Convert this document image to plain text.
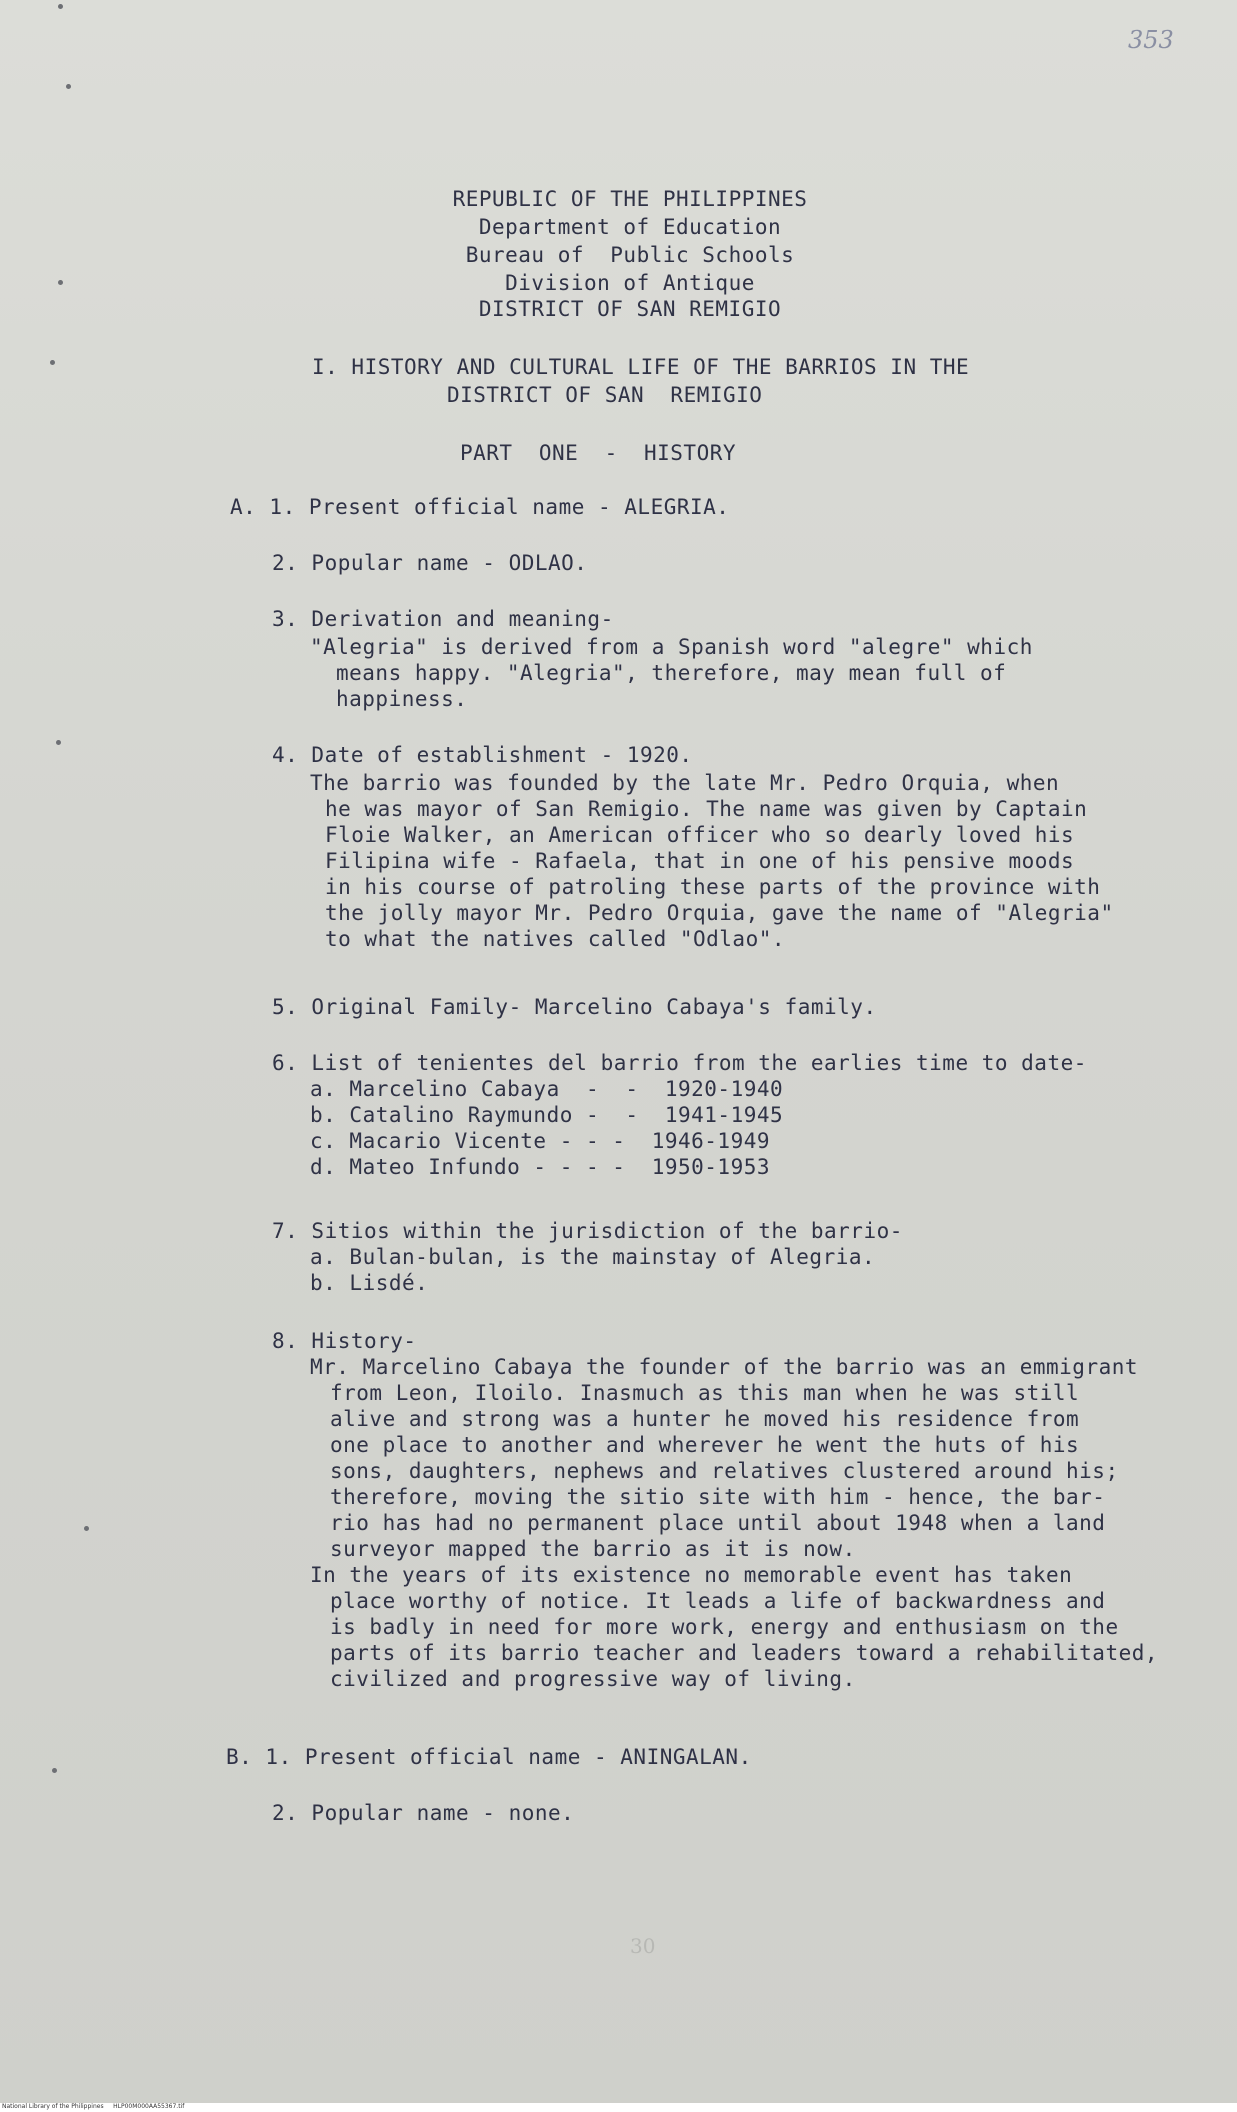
353
REPUBLIC OF THE PHILIPPINES
Department of Education
Bureau of  Public Schools
Division of Antique
DISTRICT OF SAN REMIGIO
I. HISTORY AND CULTURAL LIFE OF THE BARRIOS IN THE
DISTRICT OF SAN  REMIGIO
PART  ONE  -  HISTORY
A. 1. Present official name - ALEGRIA.
2. Popular name - ODLAO.
3. Derivation and meaning-
"Alegria" is derived from a Spanish word "alegre" which
means happy. "Alegria", therefore, may mean full of
happiness.
4. Date of establishment - 1920.
The barrio was founded by the late Mr. Pedro Orquia, when
he was mayor of San Remigio. The name was given by Captain
Floie Walker, an American officer who so dearly loved his
Filipina wife - Rafaela, that in one of his pensive moods
in his course of patroling these parts of the province with
the jolly mayor Mr. Pedro Orquia, gave the name of "Alegria"
to what the natives called "Odlao".
5. Original Family- Marcelino Cabaya's family.
6. List of tenientes del barrio from the earlies time to date-
a. Marcelino Cabaya  -  -  1920-1940
b. Catalino Raymundo -  -  1941-1945
c. Macario Vicente - - -  1946-1949
d. Mateo Infundo - - - -  1950-1953
7. Sitios within the jurisdiction of the barrio-
a. Bulan-bulan, is the mainstay of Alegria.
b. Lisdé.
8. History-
Mr. Marcelino Cabaya the founder of the barrio was an emmigrant
from Leon, Iloilo. Inasmuch as this man when he was still
alive and strong was a hunter he moved his residence from
one place to another and wherever he went the huts of his
sons, daughters, nephews and relatives clustered around his;
therefore, moving the sitio site with him - hence, the bar-
rio has had no permanent place until about 1948 when a land
surveyor mapped the barrio as it is now.
In the years of its existence no memorable event has taken
place worthy of notice. It leads a life of backwardness and
is badly in need for more work, energy and enthusiasm on the
parts of its barrio teacher and leaders toward a rehabilitated,
civilized and progressive way of living.
B. 1. Present official name - ANINGALAN.
2. Popular name - none.
30
National Library of the Philippines     HLP00M000AA55367.tif
